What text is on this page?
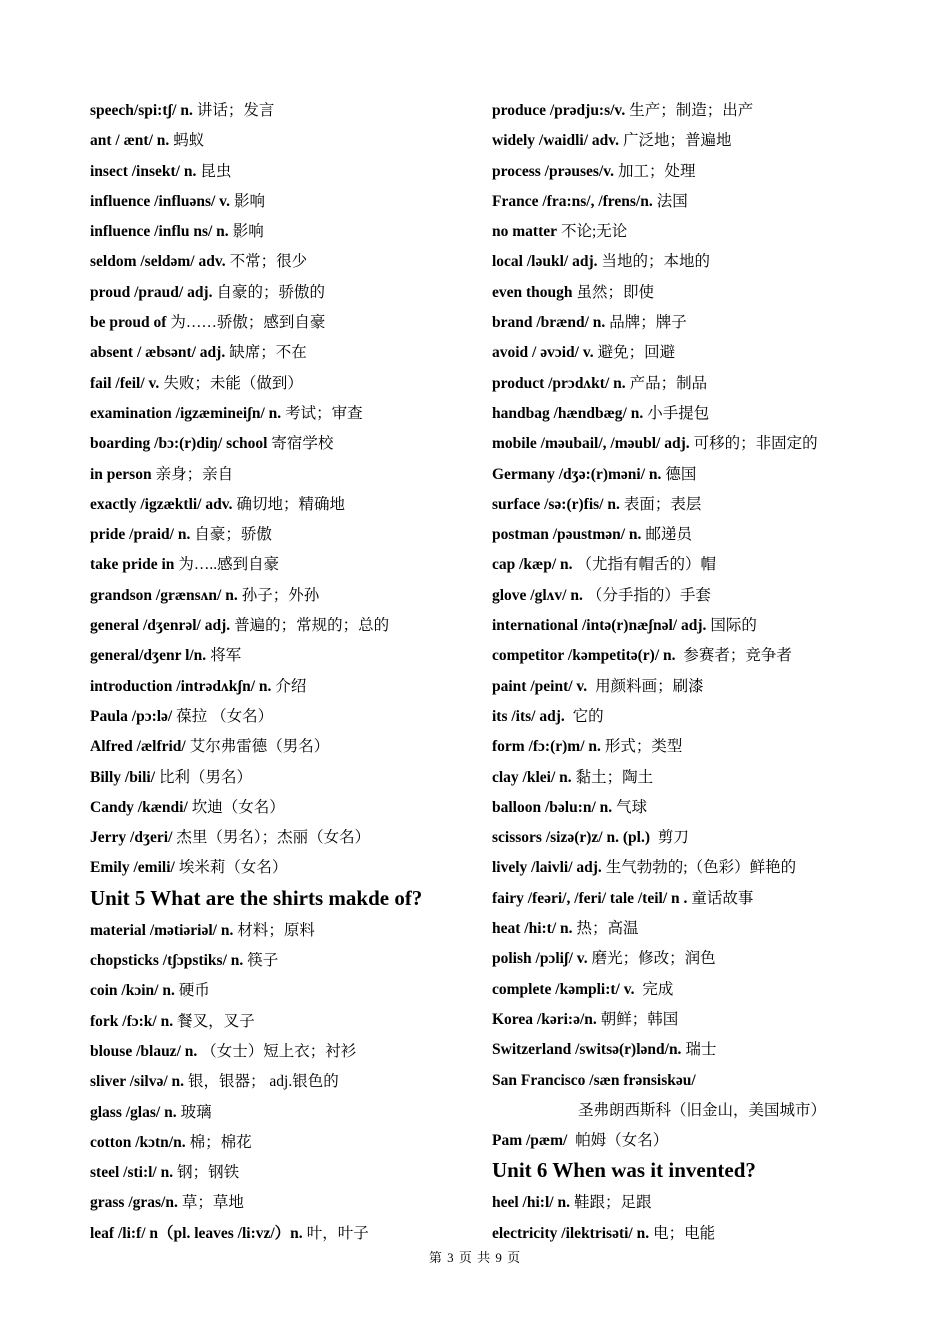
speech/spi:tʃ/ n. 讲话；发言
ant / ænt/ n. 蚂蚁
insect /insekt/ n. 昆虫
influence /influəns/ v. 影响
influence /influ ns/ n. 影响
seldom /seldəm/ adv. 不常；很少
proud /praud/ adj. 自豪的；骄傲的
be proud of 为……骄傲；感到自豪
absent / æbsənt/ adj. 缺席；不在
fail /feil/ v. 失败；未能（做到）
examination /igzæmineiʃn/ n. 考试；审查
boarding /bɔ:(r)diŋ/ school 寄宿学校
in person 亲身；亲自
exactly /igzæktli/ adv. 确切地；精确地
pride /praid/ n. 自豪；骄傲
take pride in 为…..感到自豪
grandson /grænsʌn/ n. 孙子；外孙
general /dʒenrəl/ adj. 普遍的；常规的；总的
general/dʒenr l/n. 将军
introduction /intrədʌkʃn/ n. 介绍
Paula /pɔ:lə/ 葆拉 （女名）
Alfred /ælfrid/ 艾尔弗雷德（男名）
Billy /bili/ 比利（男名）
Candy /kændi/ 坎迪（女名）
Jerry /dʒeri/ 杰里（男名）；杰丽（女名）
Emily /emili/ 埃米莉（女名）
Unit 5 What are the shirts makde of?
material /mətiəriəl/ n. 材料；原料
chopsticks /tʃɔpstiks/ n. 筷子
coin /kɔin/ n. 硬币
fork /fɔ:k/ n. 餐叉，叉子
blouse /blauz/ n. （女士）短上衣；衬衫
sliver /silvə/ n. 银，银器； adj.银色的
glass /glas/ n. 玻璃
cotton /kɔtn/n. 棉；棉花
steel /sti:l/ n. 钢；钢铁
grass /gras/n. 草；草地
leaf /li:f/ n（pl. leaves /li:vz/）n. 叶，叶子
produce /prədju:s/v. 生产；制造；出产
widely /waidli/ adv. 广泛地；普遍地
process /prəuses/v. 加工；处理
France /fra:ns/, /frens/n. 法国
no matter 不论;无论
local /ləukl/ adj. 当地的；本地的
even though 虽然；即使
brand /brænd/ n. 品牌；牌子
avoid / əvɔid/ v. 避免；回避
product /prɔdʌkt/ n. 产品；制品
handbag /hændbæg/ n. 小手提包
mobile /məubail/, /məubl/ adj. 可移的；非固定的
Germany /dʒə:(r)məni/ n. 德国
surface /sə:(r)fis/ n. 表面；表层
postman /pəustmən/ n. 邮递员
cap /kæp/ n. （尤指有帽舌的）帽
glove /glʌv/ n. （分手指的）手套
international /intə(r)næʃnəl/ adj. 国际的
competitor /kəmpetitə(r)/ n. 参赛者；竞争者
paint /peint/ v. 用颜料画；刷漆
its /its/ adj. 它的
form /fɔ:(r)m/ n. 形式；类型
clay /klei/ n. 黏土；陶土
balloon /bəlu:n/ n. 气球
scissors /sizə(r)z/ n. (pl.) 剪刀
lively /laivli/ adj. 生气勃勃的;（色彩）鲜艳的
fairy /feəri/, /feri/ tale /teil/ n . 童话故事
heat /hi:t/ n. 热；高温
polish /pɔliʃ/ v. 磨光；修改；润色
complete /kəmpli:t/ v. 完成
Korea /kəri:ə/n. 朝鲜；韩国
Switzerland /switsə(r)lənd/n. 瑞士
San Francisco /sæn frənsiskəu/
圣弗朗西斯科（旧金山，美国城市）
Pam /pæm/ 帕姆（女名）
Unit 6 When was it invented?
heel /hi:l/ n. 鞋跟；足跟
electricity /ilektrisəti/ n. 电；电能
第 3 页 共 9 页
